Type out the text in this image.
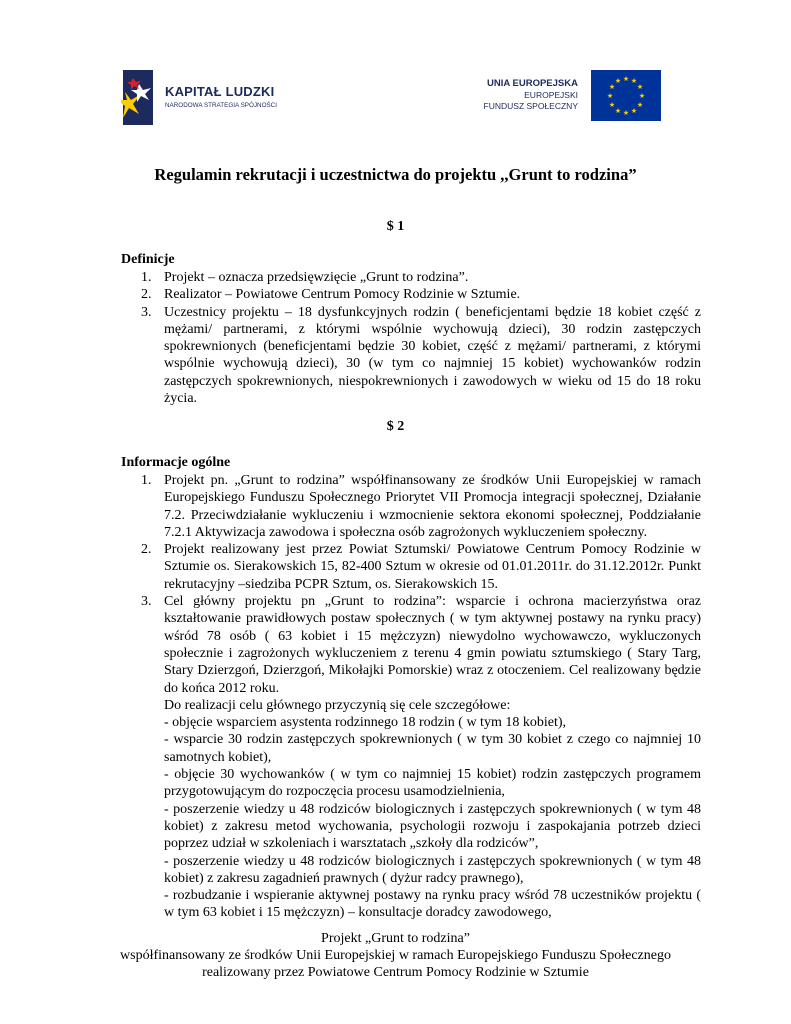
KAPITAŁ LUDZKI
NARODOWA STRATEGIA SPÓJNOŚCI
UNIA EUROPEJSKA
EUROPEJSKI
FUNDUSZ SPOŁECZNY
★ ★
★
★
★
★
★
★
★
★
★
★
Regulamin rekrutacji i uczestnictwa do projektu ,,Grunt to rodzina”
$ 1
Definicje
1. Projekt – oznacza przedsięwzięcie „Grunt to rodzina”.
2. Realizator – Powiatowe Centrum Pomocy Rodzinie w Sztumie.
3. Uczestnicy projektu – 18 dysfunkcyjnych rodzin ( beneficjentami będzie 18 kobiet część z mężami/ partnerami, z którymi wspólnie wychowują dzieci), 30 rodzin zastępczych spokrewnionych (beneficjentami będzie 30 kobiet, część z mężami/ partnerami, z którymi wspólnie wychowują dzieci), 30 (w tym co najmniej 15 kobiet) wychowanków rodzin zastępczych spokrewnionych, niespokrewnionych i zawodowych w wieku od 15 do 18 roku życia.
$ 2
Informacje ogólne
1. Projekt pn. „Grunt to rodzina” współfinansowany ze środków Unii Europejskiej w ramach Europejskiego Funduszu Społecznego Priorytet VII Promocja integracji społecznej, Działanie 7.2. Przeciwdziałanie wykluczeniu i wzmocnienie sektora ekonomi społecznej, Poddziałanie 7.2.1 Aktywizacja zawodowa i społeczna osób zagrożonych wykluczeniem społeczny.
2. Projekt realizowany jest przez Powiat Sztumski/ Powiatowe Centrum Pomocy Rodzinie w Sztumie os. Sierakowskich 15, 82-400 Sztum w okresie od 01.01.2011r. do 31.12.2012r. Punkt rekrutacyjny –siedziba PCPR Sztum, os. Sierakowskich 15.
3. Cel główny projektu pn „Grunt to rodzina”: wsparcie i ochrona macierzyństwa oraz kształtowanie prawidłowych postaw społecznych ( w tym aktywnej postawy na rynku pracy) wśród 78 osób ( 63 kobiet i 15 mężczyzn) niewydolno wychowawczo, wykluczonych społecznie i zagrożonych wykluczeniem z terenu 4 gmin powiatu sztumskiego ( Stary Targ, Stary Dzierzgoń, Dzierzgoń, Mikołajki Pomorskie) wraz z otoczeniem. Cel realizowany będzie do końca 2012 roku.
Do realizacji celu głównego przyczynią się cele szczegółowe:
- objęcie wsparciem asystenta rodzinnego 18 rodzin ( w tym 18 kobiet),
- wsparcie 30 rodzin zastępczych spokrewnionych ( w tym 30 kobiet z czego co najmniej 10 samotnych kobiet),
- objęcie 30 wychowanków ( w tym co najmniej 15 kobiet) rodzin zastępczych programem przygotowującym do rozpoczęcia procesu usamodzielnienia,
- poszerzenie wiedzy u 48 rodziców biologicznych i zastępczych spokrewnionych ( w tym 48 kobiet) z zakresu metod wychowania, psychologii rozwoju i zaspokajania potrzeb dzieci poprzez udział w szkoleniach i warsztatach „szkoły dla rodziców”,
- poszerzenie wiedzy u 48 rodziców biologicznych i zastępczych spokrewnionych ( w tym 48 kobiet) z zakresu zagadnień prawnych ( dyżur radcy prawnego),
- rozbudzanie i wspieranie aktywnej postawy na rynku pracy wśród 78 uczestników projektu ( w tym 63 kobiet i 15 mężczyzn) – konsultacje doradcy zawodowego,
Projekt „Grunt to rodzina”
współfinansowany ze środków Unii Europejskiej w ramach Europejskiego Funduszu Społecznego
realizowany przez Powiatowe Centrum Pomocy Rodzinie w Sztumie
